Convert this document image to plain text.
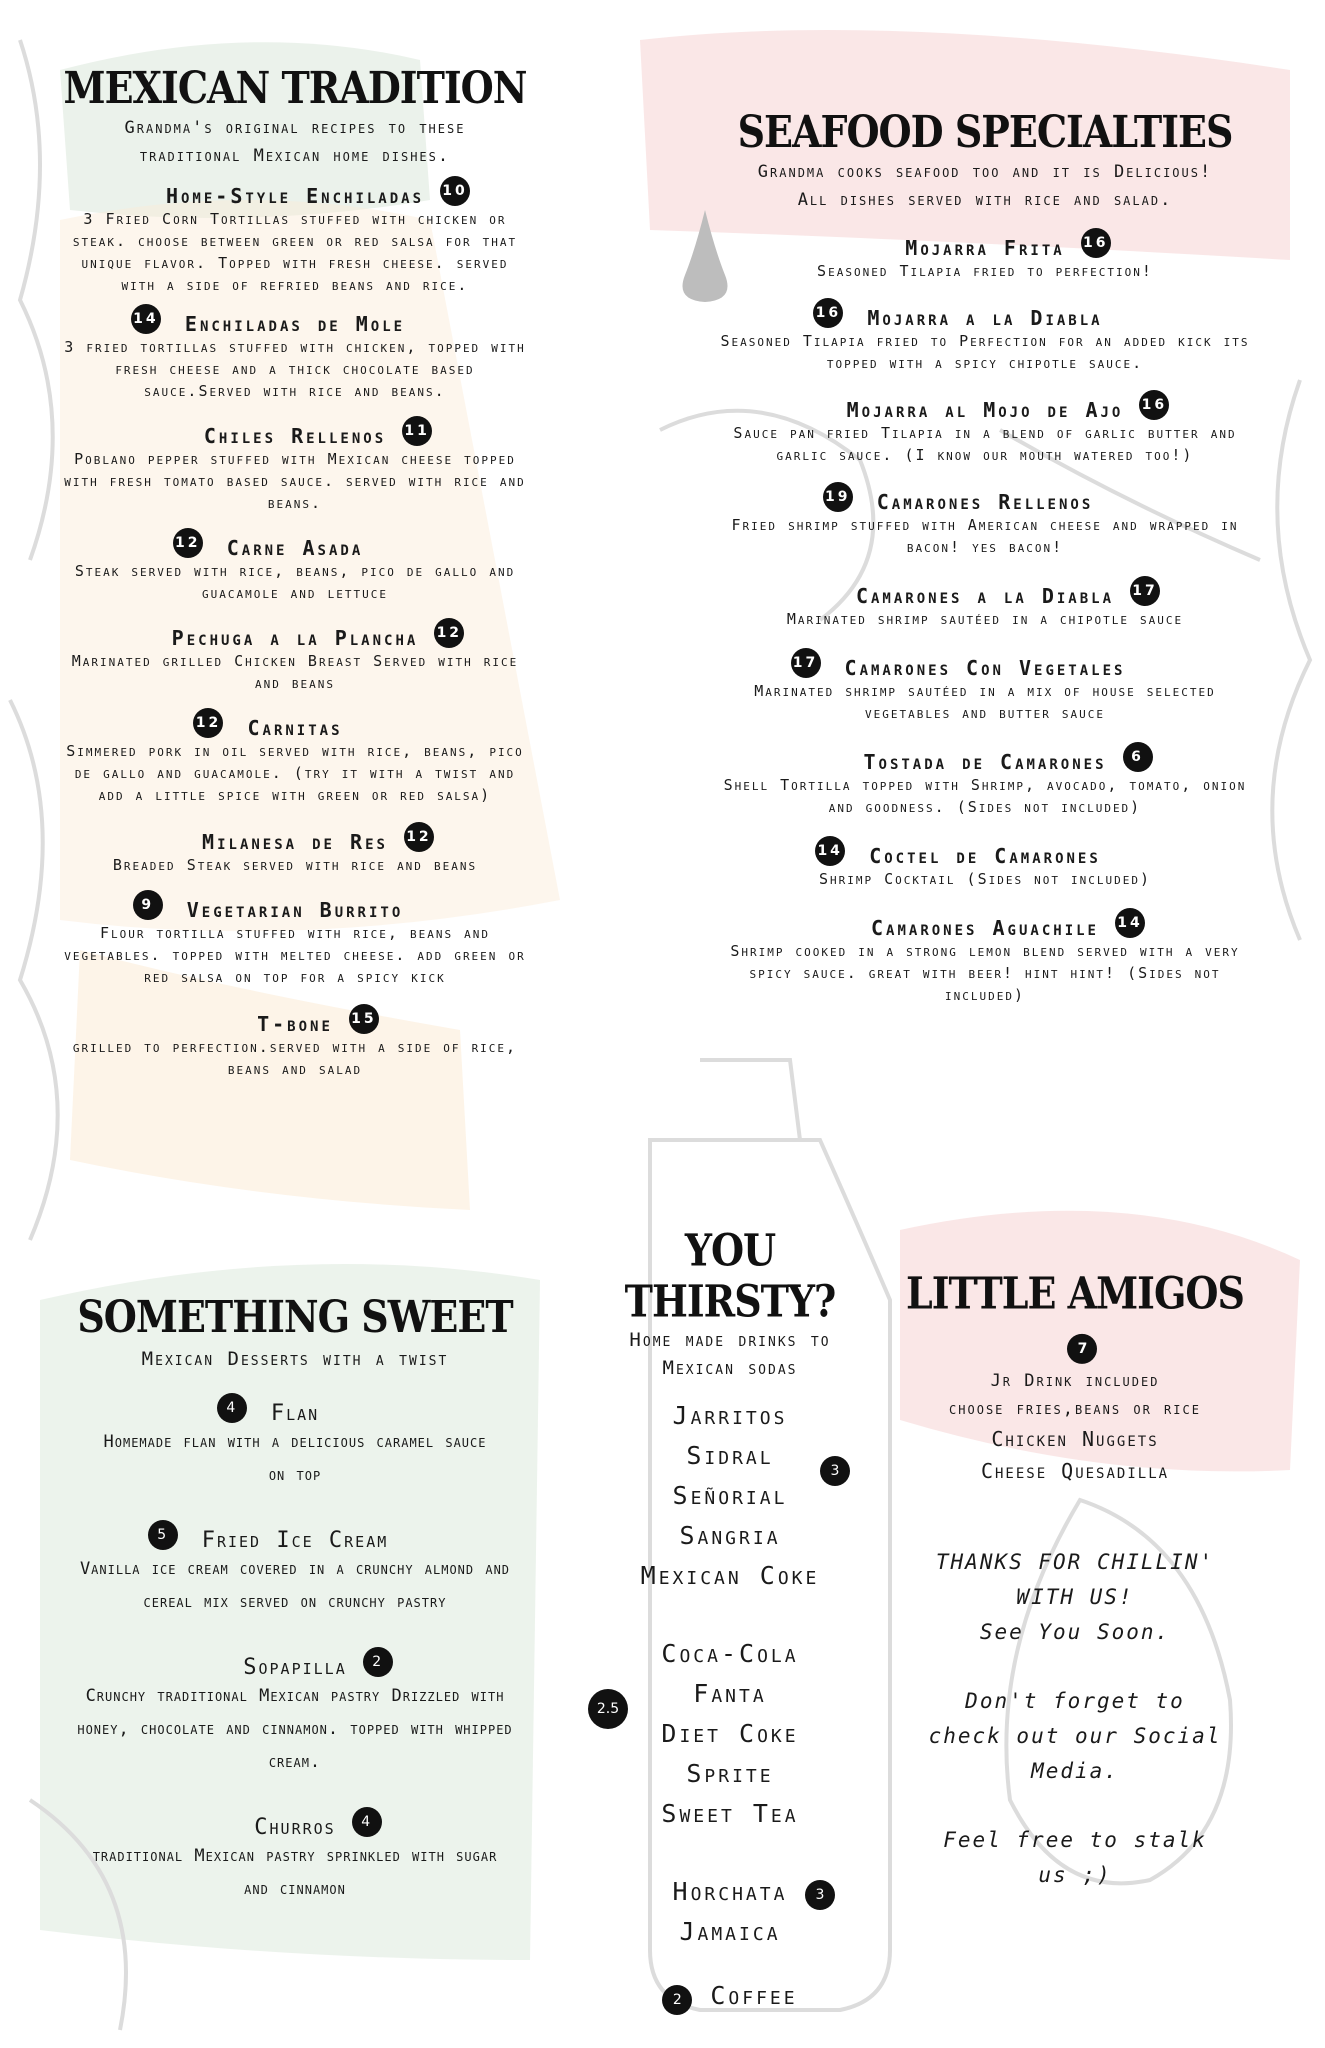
MEXICAN TRADITION
Grandma's original recipes to these
traditional Mexican home dishes.
Home-Style Enchiladas 10
3 Fried Corn Tortillas stuffed with chicken or steak. choose between green or red salsa for that unique flavor. Topped with fresh cheese. served with a side of refried beans and rice.
14 Enchiladas de Mole
3 fried tortillas stuffed with chicken, topped with fresh cheese and a thick chocolate based sauce.Served with rice and beans.
Chiles Rellenos 11
Poblano pepper stuffed with Mexican cheese topped with fresh tomato based sauce. served with rice and beans.
12 Carne Asada
Steak served with rice, beans, pico de gallo and guacamole and lettuce
Pechuga a la Plancha 12
Marinated grilled Chicken Breast Served with rice and beans
12 Carnitas
Simmered pork in oil served with rice, beans, pico de gallo and guacamole. (try it with a twist and add a little spice with green or red salsa)
Milanesa de Res 12
Breaded Steak served with rice and beans
9	Vegetarian Burrito
Flour tortilla stuffed with rice, beans and vegetables. topped with melted cheese. add green or red salsa on top for a spicy kick
T-bone 15
grilled to perfection.served with a side of rice, beans and salad
SEAFOOD SPECIALTIES
Grandma cooks seafood too and it is Delicious!
All dishes served with rice and salad.
Mojarra Frita 16
Seasoned Tilapia fried to perfection!
16 Mojarra a la Diabla
Seasoned Tilapia fried to Perfection for an added kick its topped with a spicy chipotle sauce.
Mojarra al Mojo de Ajo 16
Sauce pan fried Tilapia in a blend of garlic butter and garlic sauce. (I know our mouth watered too!)
19 Camarones Rellenos
Fried shrimp stuffed with American cheese and wrapped in bacon! yes bacon!
Camarones a la Diabla 17
Marinated shrimp sautéed in a chipotle sauce
17 Camarones Con Vegetales
Marinated shrimp sautéed in a mix of house selected vegetables and butter sauce
Tostada de Camarones	6
Shell Tortilla topped with Shrimp, avocado, tomato, onion and goodness. (Sides not included)
14 Coctel de Camarones
Shrimp Cocktail (Sides not included)
Camarones Aguachile 14
Shrimp cooked in a strong lemon blend served with a very spicy sauce. great with beer! hint hint! (Sides not included)
SOMETHING SWEET
Mexican Desserts with a twist
4	Flan
Homemade flan with a delicious caramel sauce on top
5	Fried Ice Cream
Vanilla ice cream covered in a crunchy almond and cereal mix served on crunchy pastry
Sopapilla	2
Crunchy traditional Mexican pastry Drizzled with honey, chocolate and cinnamon. topped with whipped cream.
Churros	4
traditional Mexican pastry sprinkled with sugar and cinnamon
YOU THIRSTY?
Home made drinks to
Mexican sodas
Jarritos
Sidral
Señorial
Sangria
Mexican Coke
3
Coca-Cola
Fanta
Diet Coke
Sprite
Sweet Tea
2.5
Horchata
Jamaica
3
2 Coffee
LITTLE AMIGOS 7
Jr Drink included
choose fries,beans or rice
Chicken Nuggets
Cheese Quesadilla
THANKS FOR CHILLIN'
WITH US!
See You Soon.
Don't forget to
check out our Social
Media.
Feel free to stalk
us ;)
